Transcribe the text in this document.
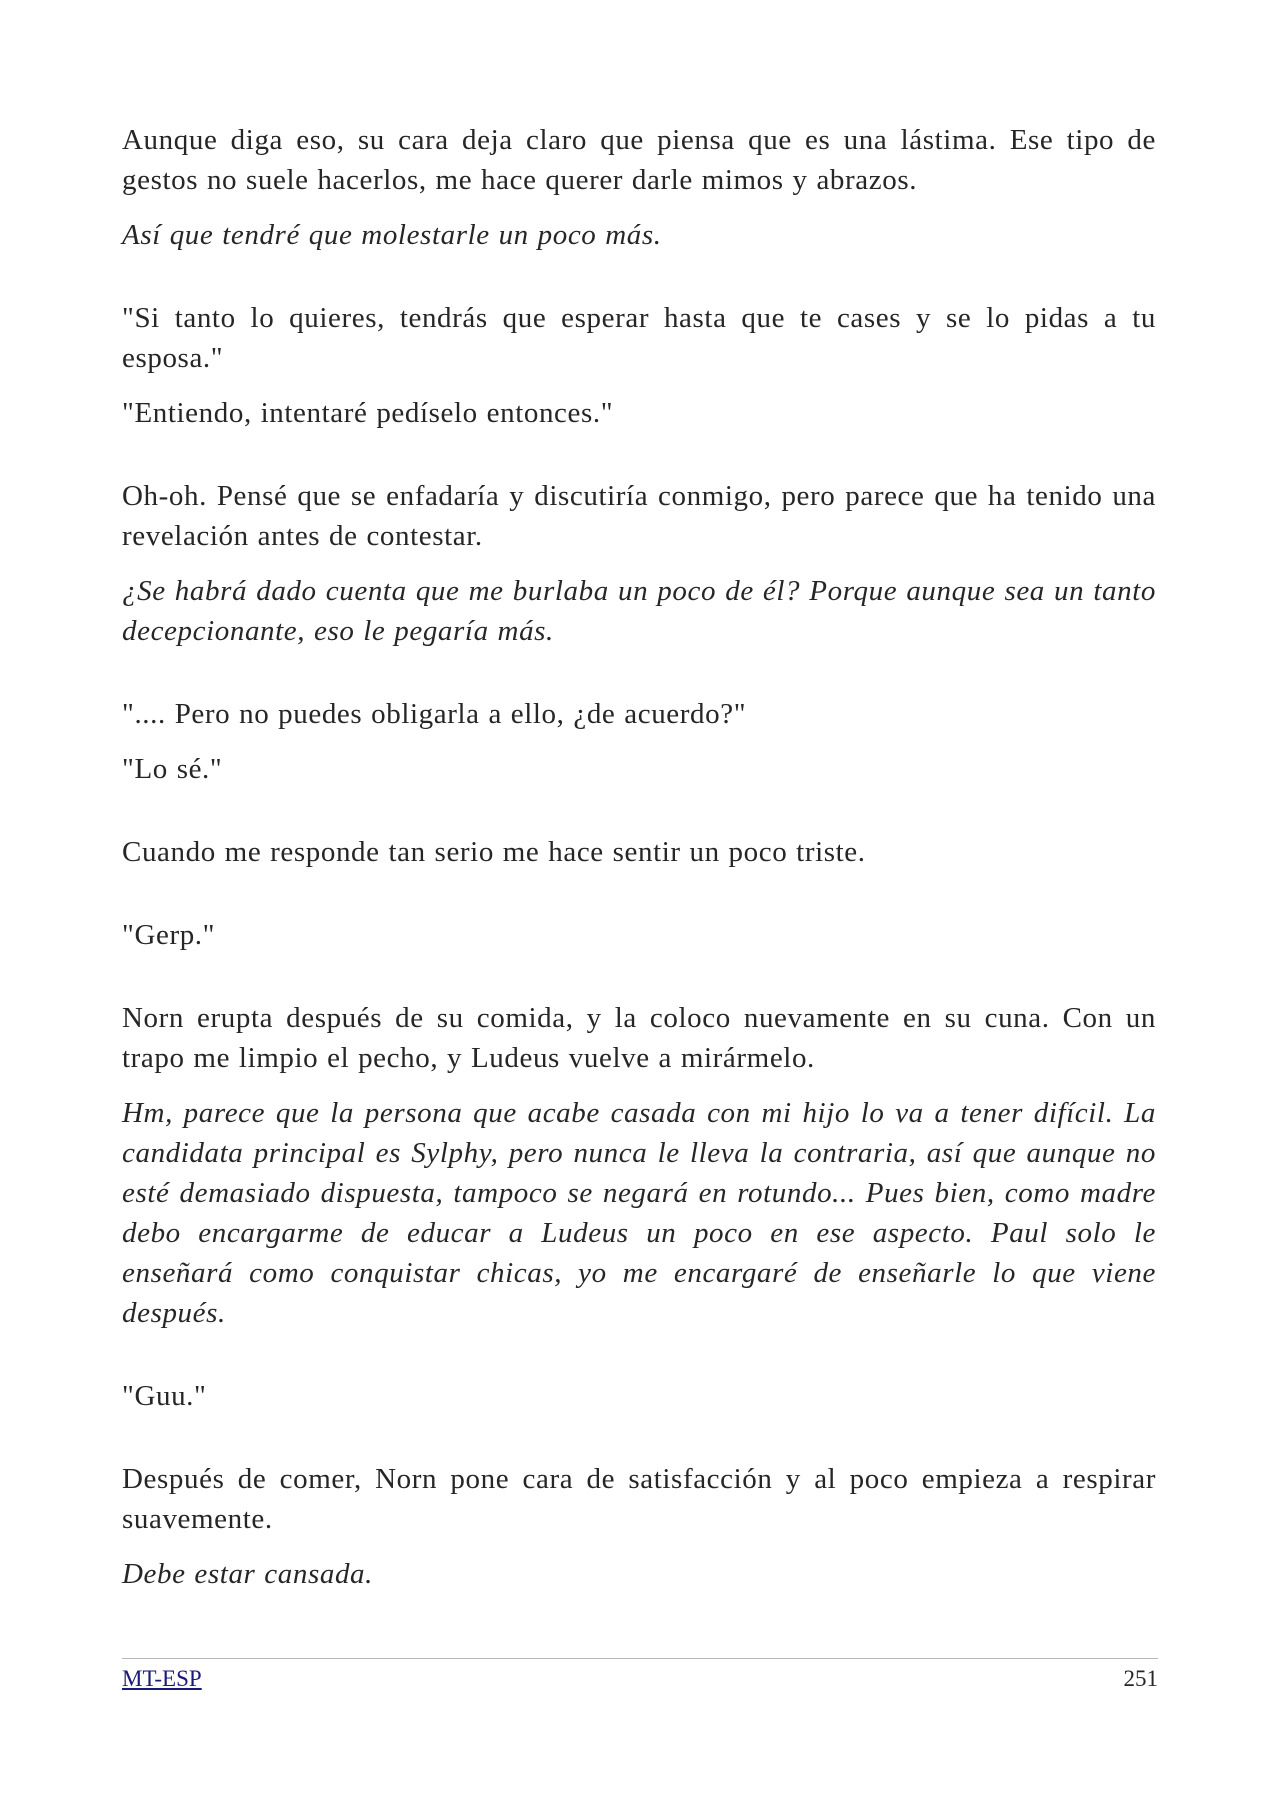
Aunque diga eso, su cara deja claro que piensa que es una lástima. Ese tipo de gestos no suele hacerlos, me hace querer darle mimos y abrazos.

Así que tendré que molestarle un poco más.

"Si tanto lo quieres, tendrás que esperar hasta que te cases y se lo pidas a tu esposa."

"Entiendo, intentaré pedíselo entonces."

Oh-oh. Pensé que se enfadaría y discutiría conmigo, pero parece que ha tenido una revelación antes de contestar.

¿Se habrá dado cuenta que me burlaba un poco de él? Porque aunque sea un tanto decepcionante, eso le pegaría más.

".... Pero no puedes obligarla a ello, ¿de acuerdo?"

"Lo sé."

Cuando me responde tan serio me hace sentir un poco triste.

"Gerp."

Norn erupta después de su comida, y la coloco nuevamente en su cuna. Con un trapo me limpio el pecho, y Ludeus vuelve a mirármelo.

Hm, parece que la persona que acabe casada con mi hijo lo va a tener difícil. La candidata principal es Sylphy, pero nunca le lleva la contraria, así que aunque no esté demasiado dispuesta, tampoco se negará en rotundo... Pues bien, como madre debo encargarme de educar a Ludeus un poco en ese aspecto. Paul solo le enseñará como conquistar chicas, yo me encargaré de enseñarle lo que viene después.

"Guu."

Después de comer, Norn pone cara de satisfacción y al poco empieza a respirar suavemente.

Debe estar cansada.

MT-ESP	251
